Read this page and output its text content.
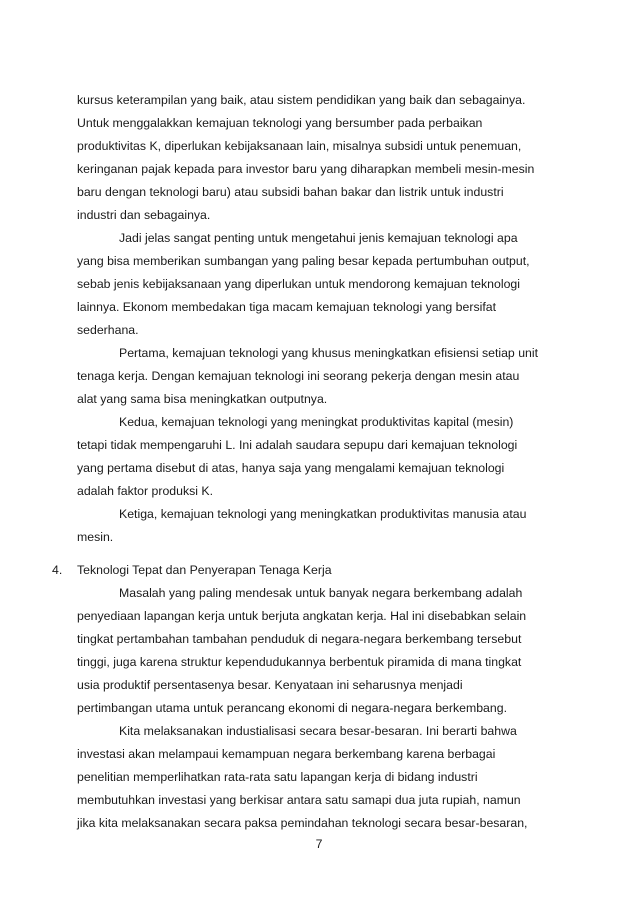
kursus keterampilan yang baik, atau sistem pendidikan yang baik dan sebagainya.
Untuk menggalakkan kemajuan teknologi yang bersumber pada perbaikan
produktivitas K, diperlukan kebijaksanaan lain, misalnya subsidi untuk penemuan,
keringanan pajak kepada para investor baru yang diharapkan membeli mesin-mesin
baru dengan teknologi baru) atau subsidi bahan bakar dan listrik untuk industri
industri dan sebagainya.
Jadi jelas sangat penting untuk mengetahui jenis kemajuan teknologi apa
yang bisa memberikan sumbangan yang paling besar kepada pertumbuhan output,
sebab jenis kebijaksanaan yang diperlukan untuk mendorong kemajuan teknologi
lainnya. Ekonom membedakan tiga macam kemajuan teknologi yang bersifat
sederhana.
Pertama, kemajuan teknologi yang khusus meningkatkan efisiensi setiap unit
tenaga kerja. Dengan kemajuan teknologi ini seorang pekerja dengan mesin atau
alat yang sama bisa meningkatkan outputnya.
Kedua, kemajuan teknologi yang meningkat produktivitas kapital (mesin)
tetapi tidak mempengaruhi L. Ini adalah saudara sepupu dari kemajuan teknologi
yang pertama disebut di atas, hanya saja yang mengalami kemajuan teknologi
adalah faktor produksi K.
Ketiga, kemajuan teknologi yang meningkatkan produktivitas manusia atau
mesin.
4. Teknologi Tepat dan Penyerapan Tenaga Kerja
Masalah yang paling mendesak untuk banyak negara berkembang adalah
penyediaan lapangan kerja untuk berjuta angkatan kerja. Hal ini disebabkan selain
tingkat pertambahan tambahan penduduk di negara-negara berkembang tersebut
tinggi, juga karena struktur kependudukannya berbentuk piramida di mana tingkat
usia produktif persentasenya besar. Kenyataan ini seharusnya menjadi
pertimbangan utama untuk perancang ekonomi di negara-negara berkembang.
Kita melaksanakan industialisasi secara besar-besaran. Ini berarti bahwa
investasi akan melampaui kemampuan negara berkembang karena berbagai
penelitian memperlihatkan rata-rata satu lapangan kerja di bidang industri
membutuhkan investasi yang berkisar antara satu samapi dua juta rupiah, namun
jika kita melaksanakan secara paksa pemindahan teknologi secara besar-besaran,
7
